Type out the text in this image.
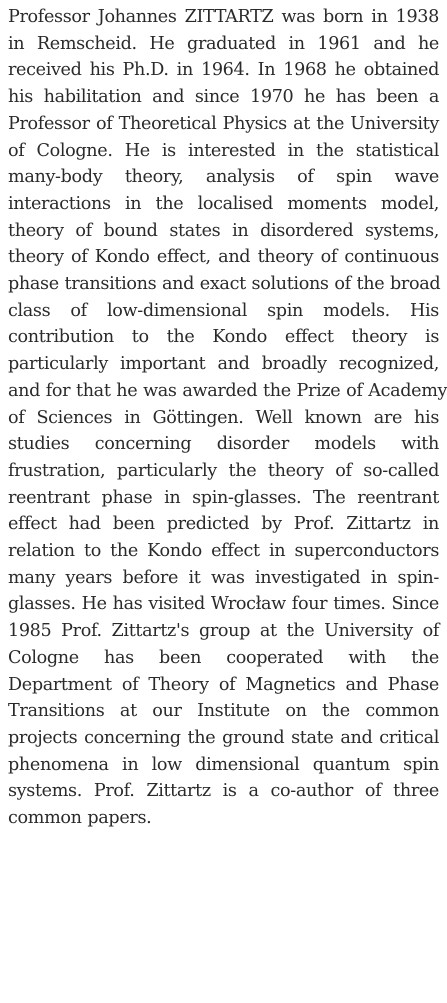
Professor Johannes ZITTARTZ was born in 1938
in Remscheid. He graduated in 1961 and he
received his Ph.D. in 1964. In 1968 he obtained
his habilitation and since 1970 he has been a
Professor of Theoretical Physics at the University
of Cologne. He is interested in the statistical
many-body theory, analysis of spin wave
interactions in the localised moments model,
theory of bound states in disordered systems,
theory of Kondo effect, and theory of continuous
phase transitions and exact solutions of the broad
class of low-dimensional spin models. His
contribution to the Kondo effect theory is
particularly important and broadly recognized,
and for that he was awarded the Prize of Academy
of Sciences in Göttingen. Well known are his
studies concerning disorder models with
frustration, particularly the theory of so-called
reentrant phase in spin-glasses. The reentrant
effect had been predicted by Prof. Zittartz in
relation to the Kondo effect in superconductors
many years before it was investigated in spin-
glasses. He has visited Wrocław four times. Since
1985 Prof. Zittartz's group at the University of
Cologne has been cooperated with the
Department of Theory of Magnetics and Phase
Transitions at our Institute on the common
projects concerning the ground state and critical
phenomena in low dimensional quantum spin
systems. Prof. Zittartz is a co-author of three
common papers.
